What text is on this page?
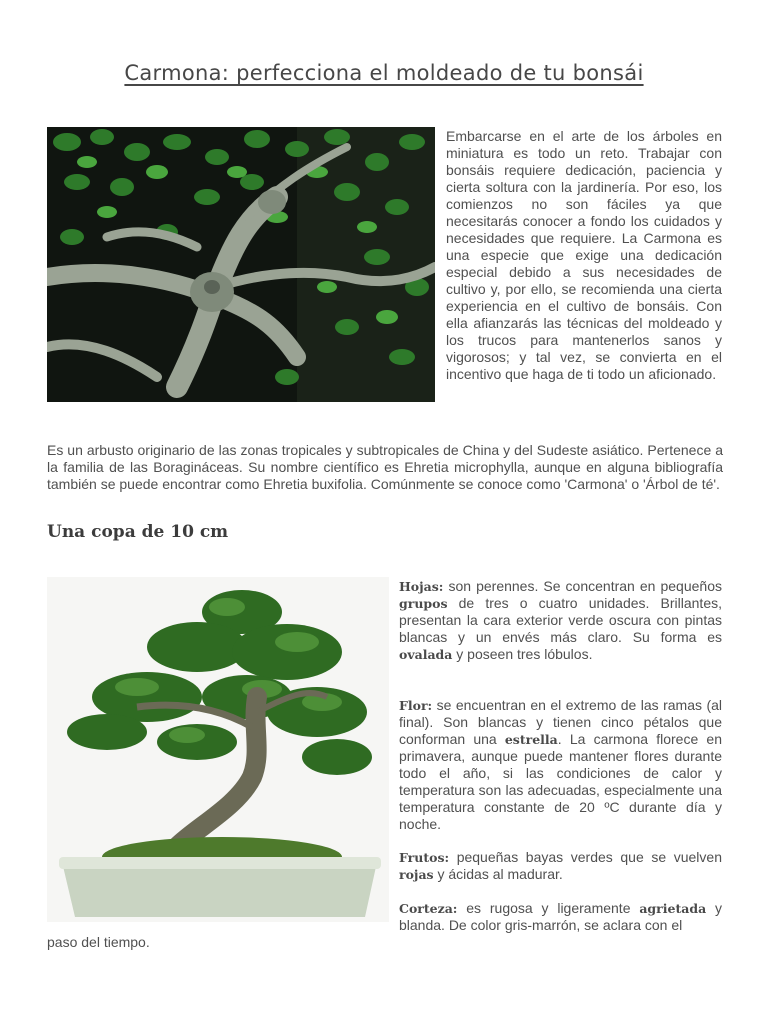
Carmona: perfecciona el moldeado de tu bonsái

Embarcarse en el arte de los árboles en miniatura es todo un reto. Trabajar con bonsáis requiere dedicación, paciencia y cierta soltura con la jardinería. Por eso, los comienzos no son fáciles ya que necesitarás conocer a fondo los cuidados y necesidades que requiere. La Carmona es una especie que exige una dedicación especial debido a sus necesidades de cultivo y, por ello, se recomienda una cierta experiencia en el cultivo de bonsáis. Con ella afianzarás las técnicas del moldeado y los trucos para mantenerlos sanos y vigorosos; y tal vez, se convierta en el incentivo que haga de ti todo un aficionado.

Es un arbusto originario de las zonas tropicales y subtropicales de China y del Sudeste asiático. Pertenece a la familia de las Boragináceas. Su nombre científico es Ehretia microphylla, aunque en alguna bibliografía también se puede encontrar como Ehretia buxifolia. Comúnmente se conoce como 'Carmona' o 'Árbol de té'.

Una copa de 10 cm

Hojas: son perennes. Se concentran en pequeños grupos de tres o cuatro unidades. Brillantes, presentan la cara exterior verde oscura con pintas blancas y un envés más claro. Su forma es ovalada y poseen tres lóbulos.

Flor: se encuentran en el extremo de las ramas (al final). Son blancas y tienen cinco pétalos que conforman una estrella. La carmona florece en primavera, aunque puede mantener flores durante todo el año, si las condiciones de calor y temperatura son las adecuadas, especialmente una temperatura constante de 20 ºC durante día y noche.

Frutos: pequeñas bayas verdes que se vuelven rojas y ácidas al madurar.

Corteza: es rugosa y ligeramente agrietada y blanda. De color gris-marrón, se aclara con el

paso del tiempo.
